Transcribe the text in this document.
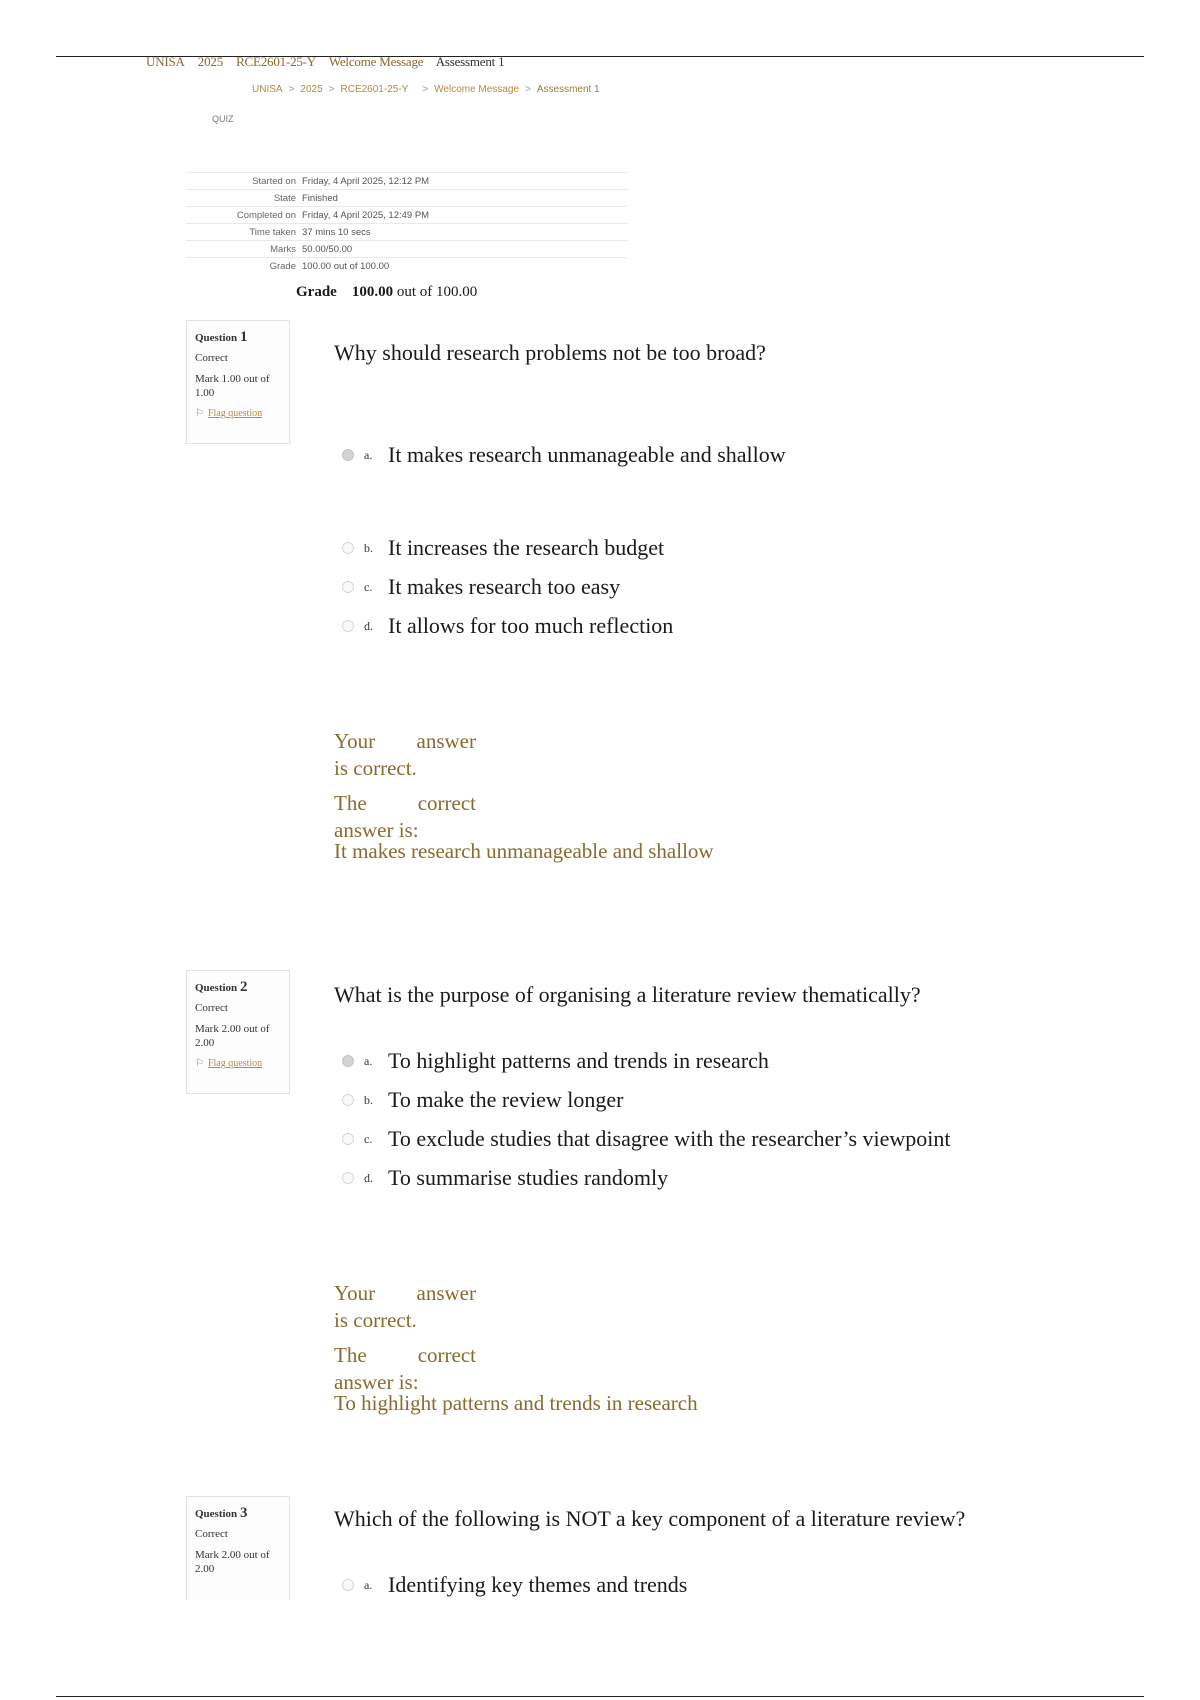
UNISA 2025 RCE2601-25-Y Welcome Message Assessment 1
UNISA > 2025 > RCE2601-25-Y > Welcome Message > Assessment 1
QUIZ
Started on Friday, 4 April 2025, 12:12 PM
State Finished
Completed on Friday, 4 April 2025, 12:49 PM
Time taken 37 mins 10 secs
Marks 50.00/50.00
Grade 100.00 out of 100.00
Grade 100.00 out of 100.00
Question 1
Correct
Mark 1.00 out of 1.00
⚐ Flag question
Why should research problems not be too broad?
a. It makes research unmanageable and shallow
b. It increases the research budget
c. It makes research too easy
d. It allows for too much reflection
Your answer
is correct.
The correct
answer is:
It makes research unmanageable and shallow
Question 2
Correct
Mark 2.00 out of 2.00
⚐ Flag question
What is the purpose of organising a literature review thematically?
a. To highlight patterns and trends in research
b. To make the review longer
c. To exclude studies that disagree with the researcher’s viewpoint
d. To summarise studies randomly
Your answer
is correct.
The correct
answer is:
To highlight patterns and trends in research
Question 3
Correct
Mark 2.00 out of 2.00
Which of the following is NOT a key component of a literature review?
a. Identifying key themes and trends
